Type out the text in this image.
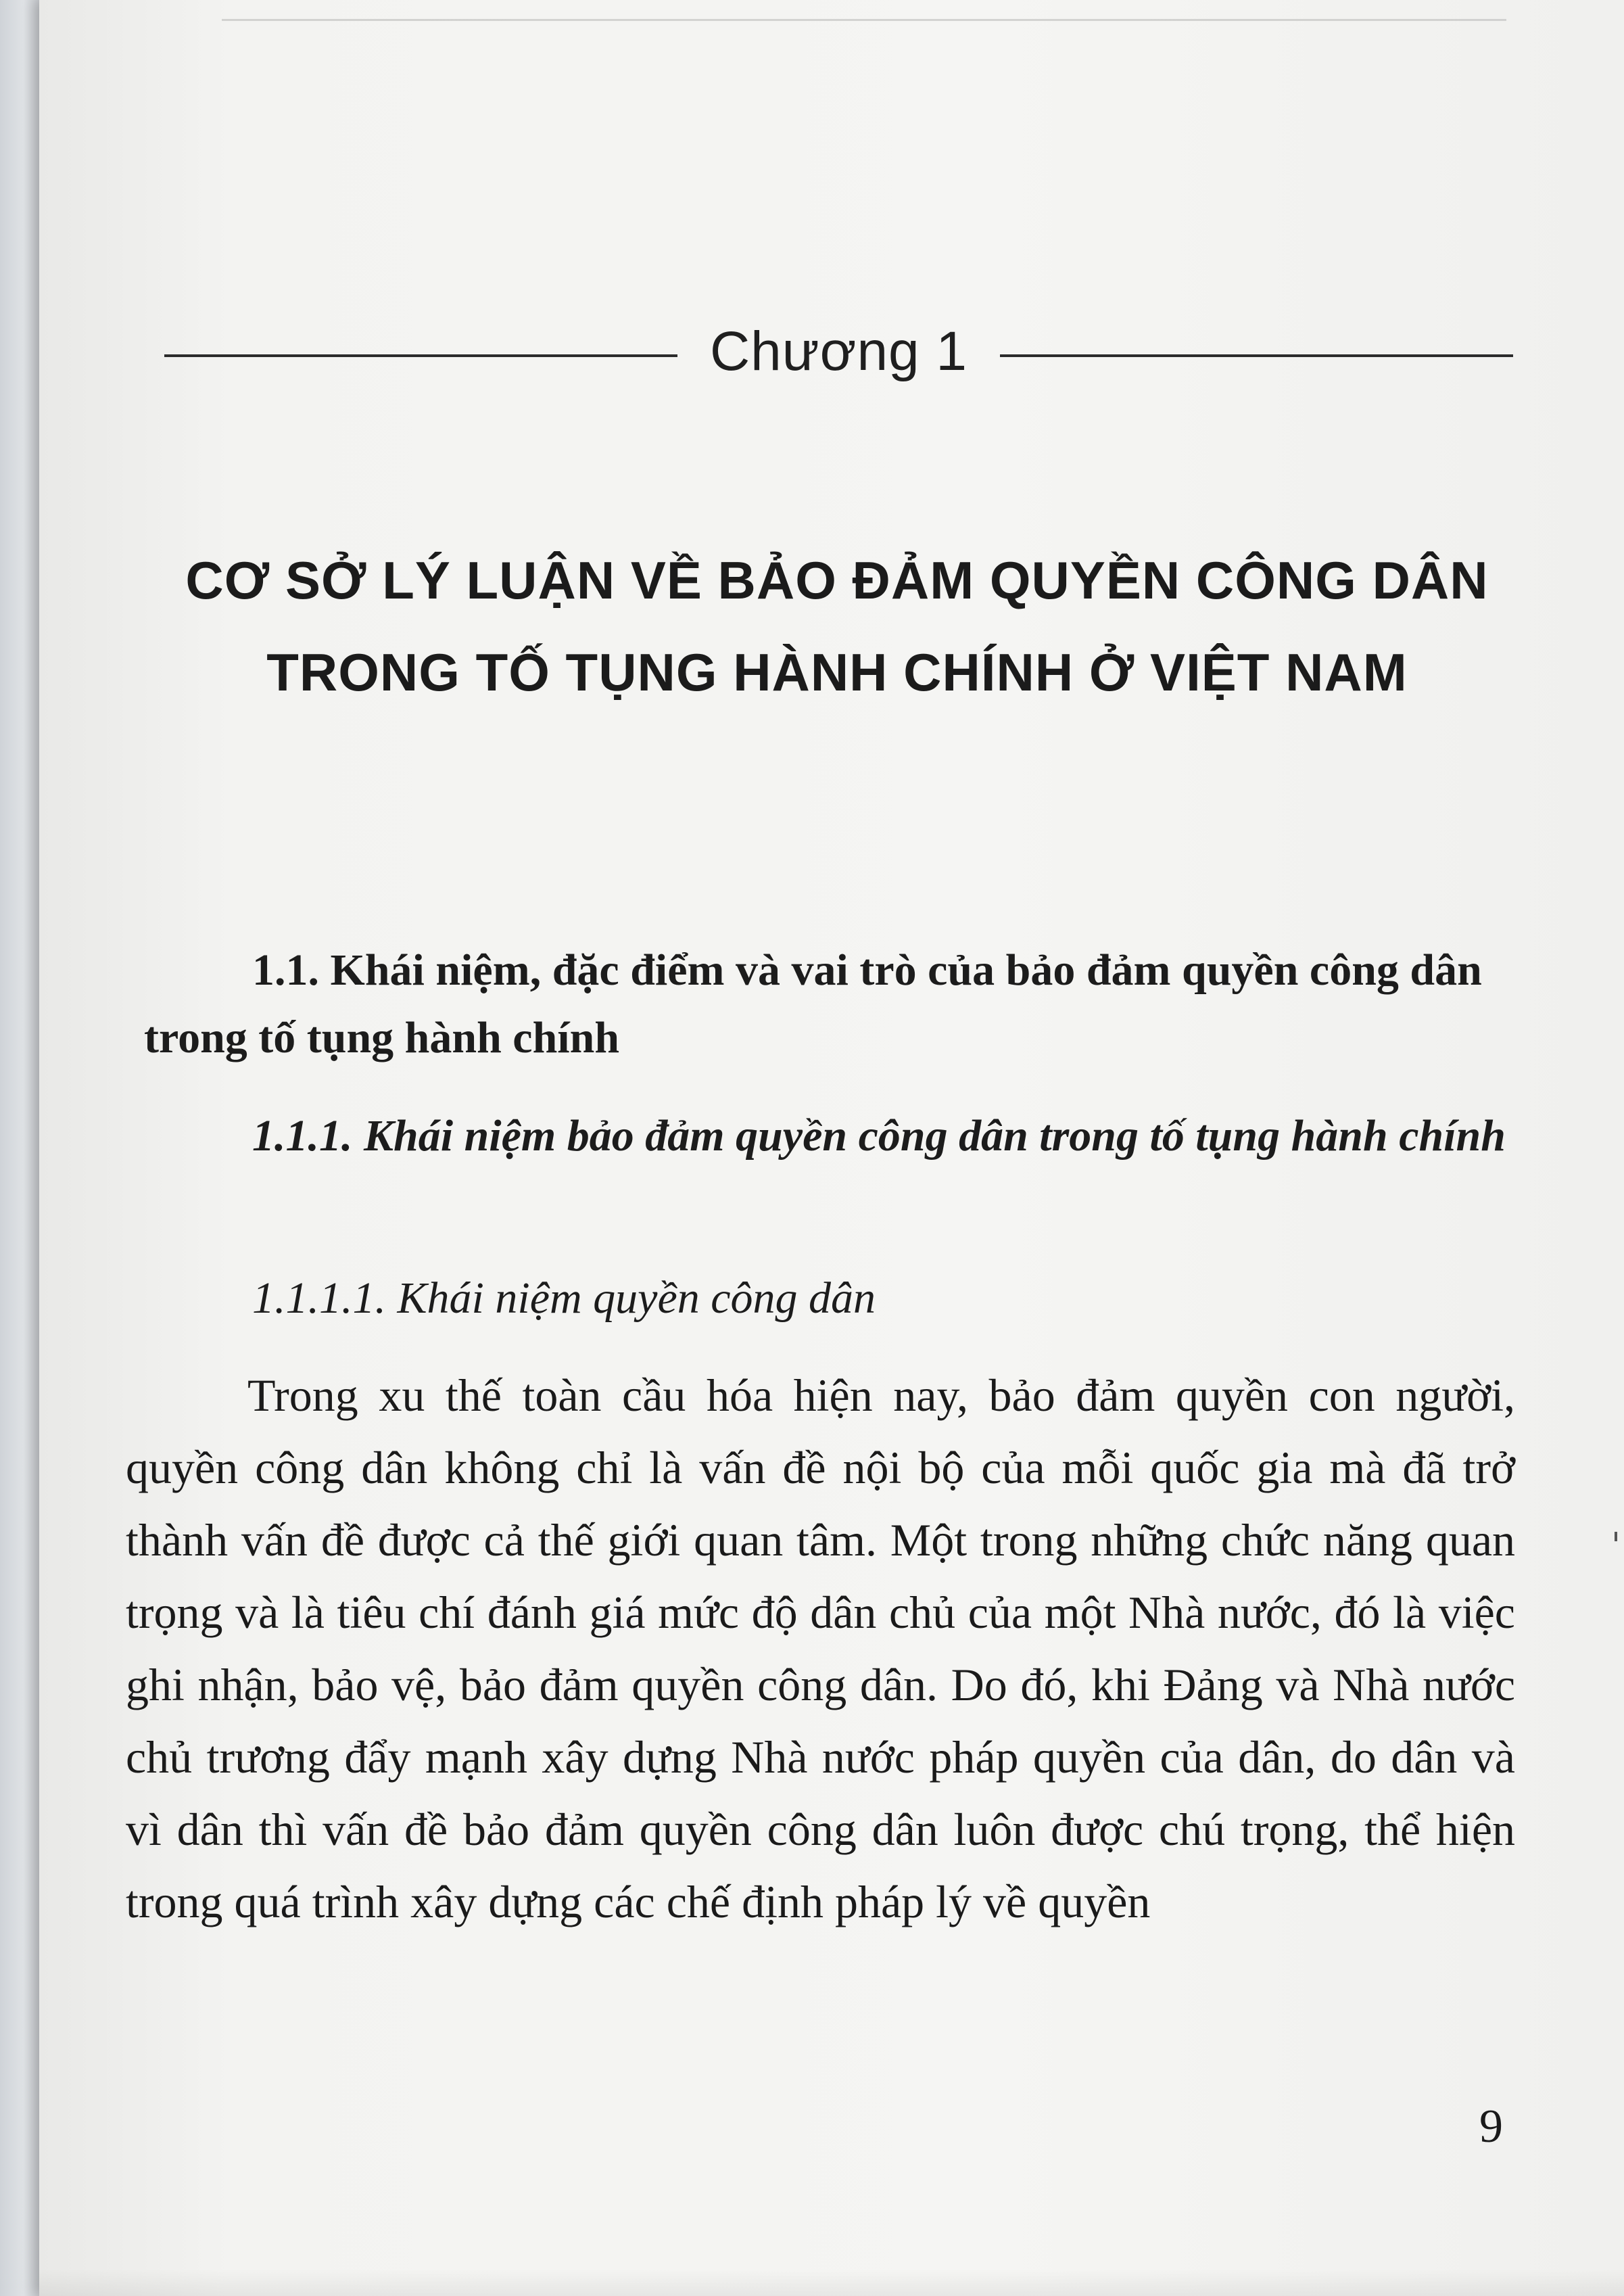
Chương 1
CƠ SỞ LÝ LUẬN VỀ BẢO ĐẢM QUYỀN CÔNG DÂN
TRONG TỐ TỤNG HÀNH CHÍNH Ở VIỆT NAM
1.1. Khái niệm, đặc điểm và vai trò của bảo đảm quyền công dân trong tố tụng hành chính
1.1.1. Khái niệm bảo đảm quyền công dân trong tố tụng hành chính
1.1.1.1. Khái niệm quyền công dân

Trong xu thế toàn cầu hóa hiện nay, bảo đảm quyền con người, quyền công dân không chỉ là vấn đề nội bộ của mỗi quốc gia mà đã trở thành vấn đề được cả thế giới quan tâm. Một trong những chức năng quan trọng và là tiêu chí đánh giá mức độ dân chủ của một Nhà nước, đó là việc ghi nhận, bảo vệ, bảo đảm quyền công dân. Do đó, khi Đảng và Nhà nước chủ trương đẩy mạnh xây dựng Nhà nước pháp quyền của dân, do dân và vì dân thì vấn đề bảo đảm quyền công dân luôn được chú trọng, thể hiện trong quá trình xây dựng các chế định pháp lý về quyền

9
